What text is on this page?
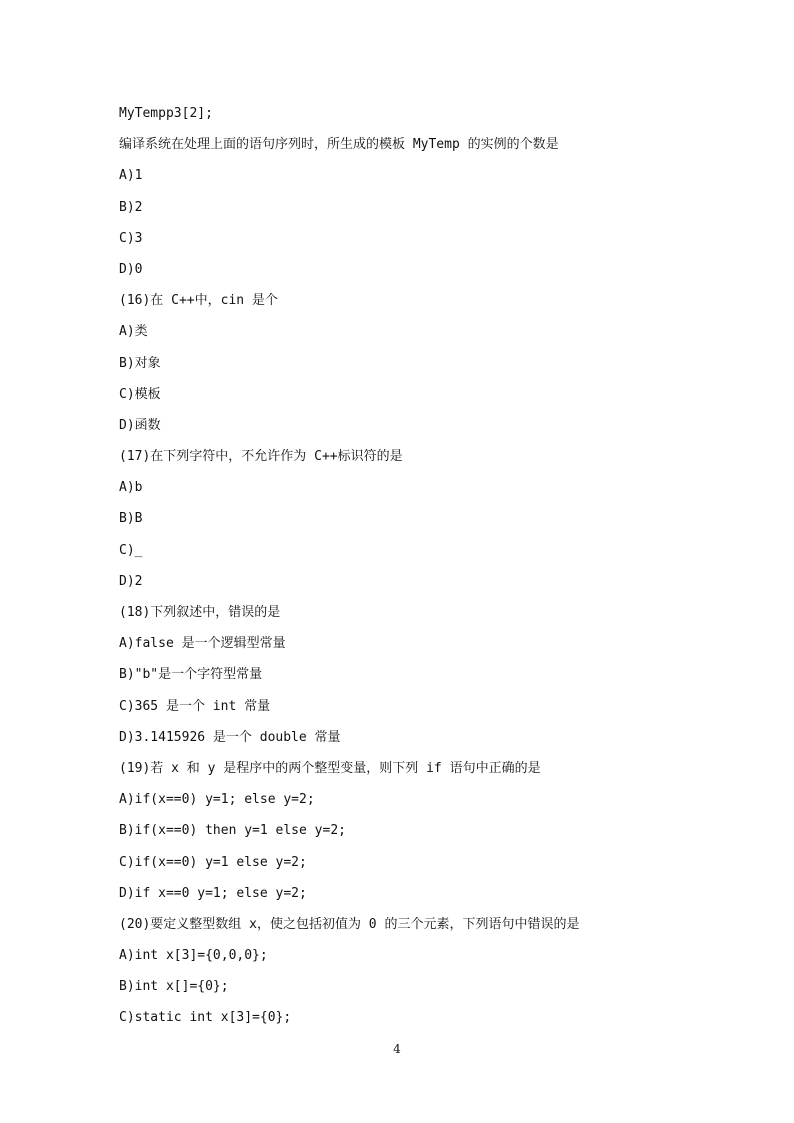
MyTempp3[2];
编译系统在处理上面的语句序列时，所生成的模板 MyTemp 的实例的个数是
A)1
B)2
C)3
D)0
(16)在 C++中，cin 是个
A)类
B)对象
C)模板
D)函数
(17)在下列字符中，不允许作为 C++标识符的是
A)b
B)B
C)_
D)2
(18)下列叙述中，错误的是
A)false 是一个逻辑型常量
B)"b"是一个字符型常量
C)365 是一个 int 常量
D)3.1415926 是一个 double 常量
(19)若 x 和 y 是程序中的两个整型变量，则下列 if 语句中正确的是
A)if(x==0) y=1; else y=2;
B)if(x==0) then y=1 else y=2;
C)if(x==0) y=1 else y=2;
D)if x==0 y=1; else y=2;
(20)要定义整型数组 x，使之包括初值为 0 的三个元素，下列语句中错误的是
A)int x[3]={0,0,0};
B)int x[]={0};
C)static int x[3]={0};
4
